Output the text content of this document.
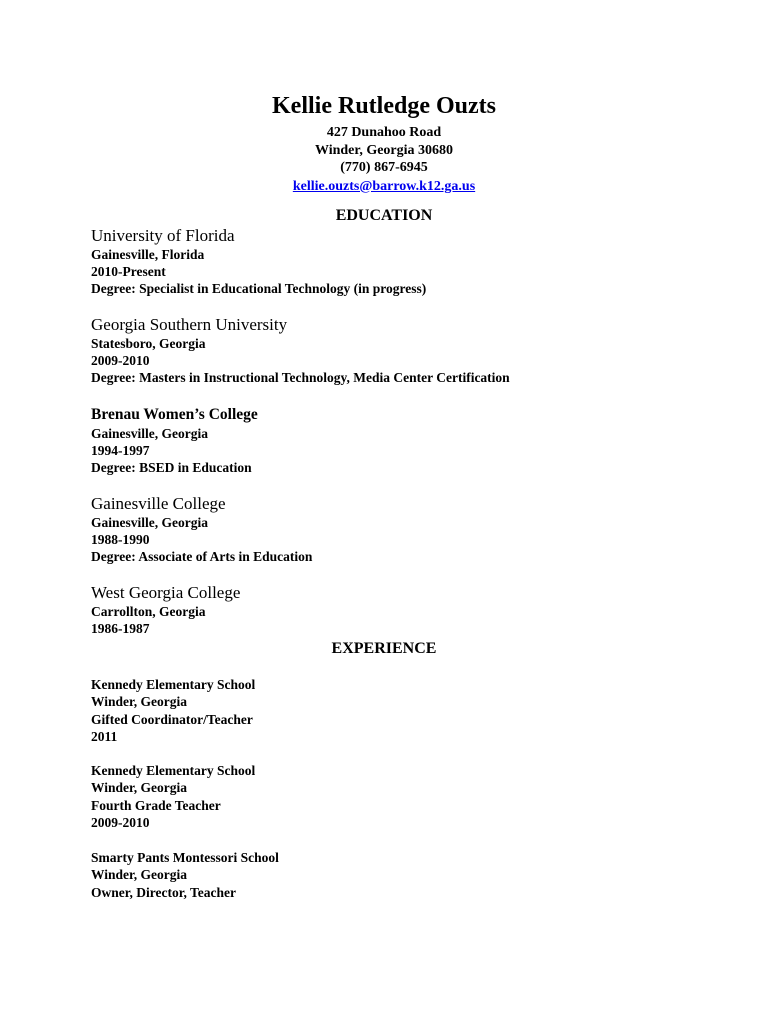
Kellie Rutledge Ouzts
427 Dunahoo Road
Winder, Georgia 30680
(770) 867-6945
kellie.ouzts@barrow.k12.ga.us
EDUCATION
University of Florida
Gainesville, Florida
2010-Present
Degree: Specialist in Educational Technology (in progress)
Georgia Southern University
Statesboro, Georgia
2009-2010
Degree: Masters in Instructional Technology, Media Center Certification
Brenau Women’s College
Gainesville, Georgia
1994-1997
Degree: BSED in Education
Gainesville College
Gainesville, Georgia
1988-1990
Degree: Associate of Arts in Education
West Georgia College
Carrollton, Georgia
1986-1987
EXPERIENCE
Kennedy Elementary School
Winder, Georgia
Gifted Coordinator/Teacher
2011
Kennedy Elementary School
Winder, Georgia
Fourth Grade Teacher
2009-2010
Smarty Pants Montessori School
Winder, Georgia
Owner, Director, Teacher
